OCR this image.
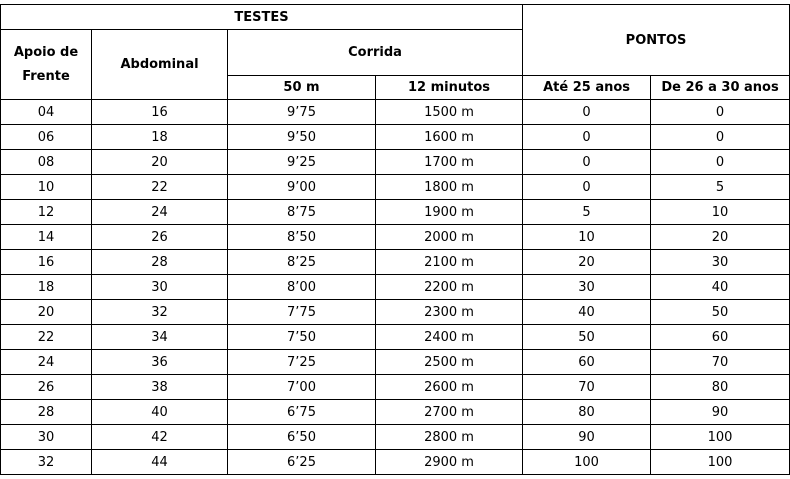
TESTES				PONTOS	

Apoio de
Frente	Abdominal	Corrida			
		50 m	12 minutos	Até 25 anos	De 26 a 30 anos
04	16	9’75	1500 m	0	0
06	18	9’50	1600 m	0	0
08	20	9’25	1700 m	0	0
10	22	9’00	1800 m	0	5
12	24	8’75	1900 m	5	10
14	26	8’50	2000 m	10	20
16	28	8’25	2100 m	20	30
18	30	8’00	2200 m	30	40
20	32	7’75	2300 m	40	50
22	34	7’50	2400 m	50	60
24	36	7’25	2500 m	60	70
26	38	7’00	2600 m	70	80
28	40	6’75	2700 m	80	90
30	42	6’50	2800 m	90	100
32	44	6’25	2900 m	100	100
